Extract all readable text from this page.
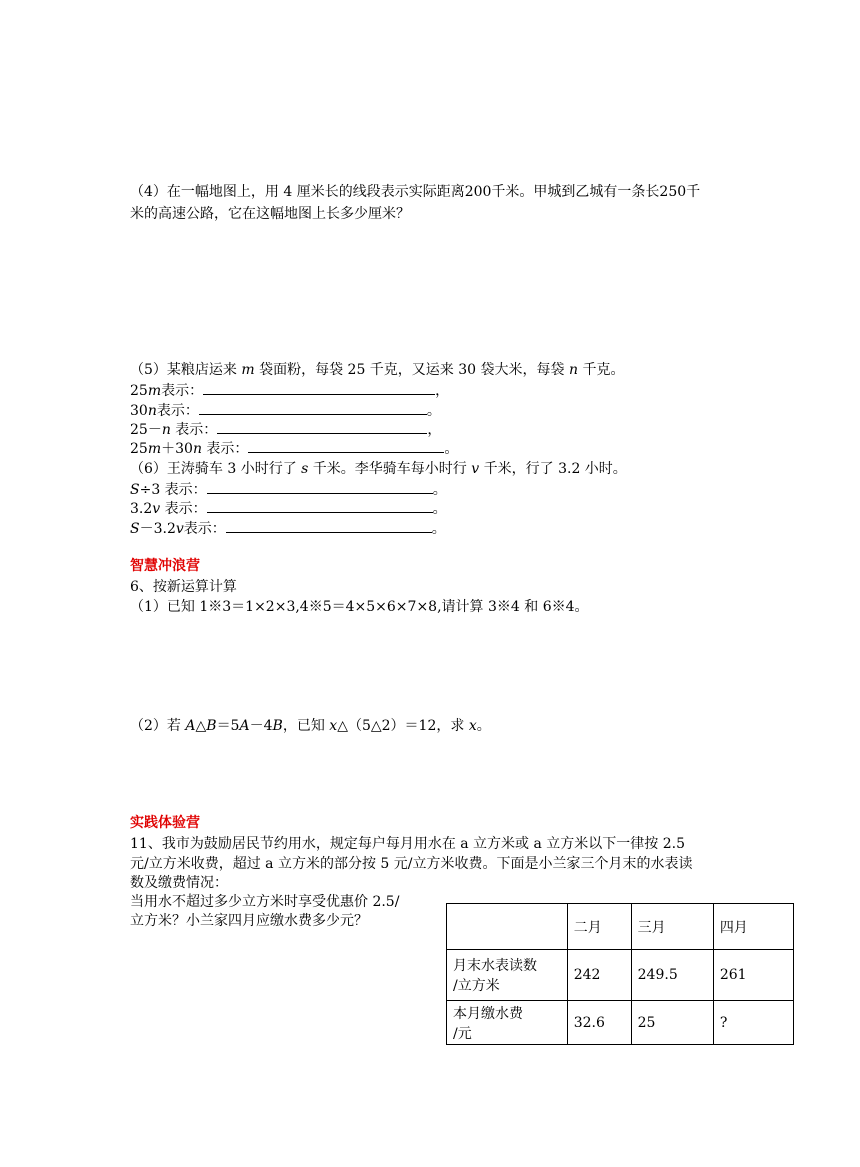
（4）在一幅地图上，用 4 厘米长的线段表示实际距离200千米。甲城到乙城有一条长250千
米的高速公路，它在这幅地图上长多少厘米？
（5）某粮店运来 m 袋面粉，每袋 25 千克，又运来 30 袋大米，每袋 n 千克。
25m表示：	，
30n表示：	。
25－n 表示：	，
25m＋30n 表示：	。
（6）王涛骑车 3 小时行了 s 千米。李华骑车每小时行 v 千米，行了 3.2 小时。
S÷3 表示：	。
3.2v 表示：	。
S－3.2v表示：	。
智慧冲浪营
6、按新运算计算
（1）已知 1※3＝1×2×3,4※5＝4×5×6×7×8,请计算 3※4 和 6※4。
（2）若 A△B＝5A－4B，已知 x△（5△2）＝12，求 x。
实践体验营
11、我市为鼓励居民节约用水，规定每户每月用水在 a 立方米或 a 立方米以下一律按 2.5
元/立方米收费，超过 a 立方米的部分按 5 元/立方米收费。下面是小兰家三个月末的水表读
数及缴费情况：
当用水不超过多少立方米时享受优惠价 2.5/
立方米？小兰家四月应缴水费多少元？
		二月	三月	四月

月末水表读数
/立方米	242	249.5	261

本月缴水费
/元	32.6	25	?
